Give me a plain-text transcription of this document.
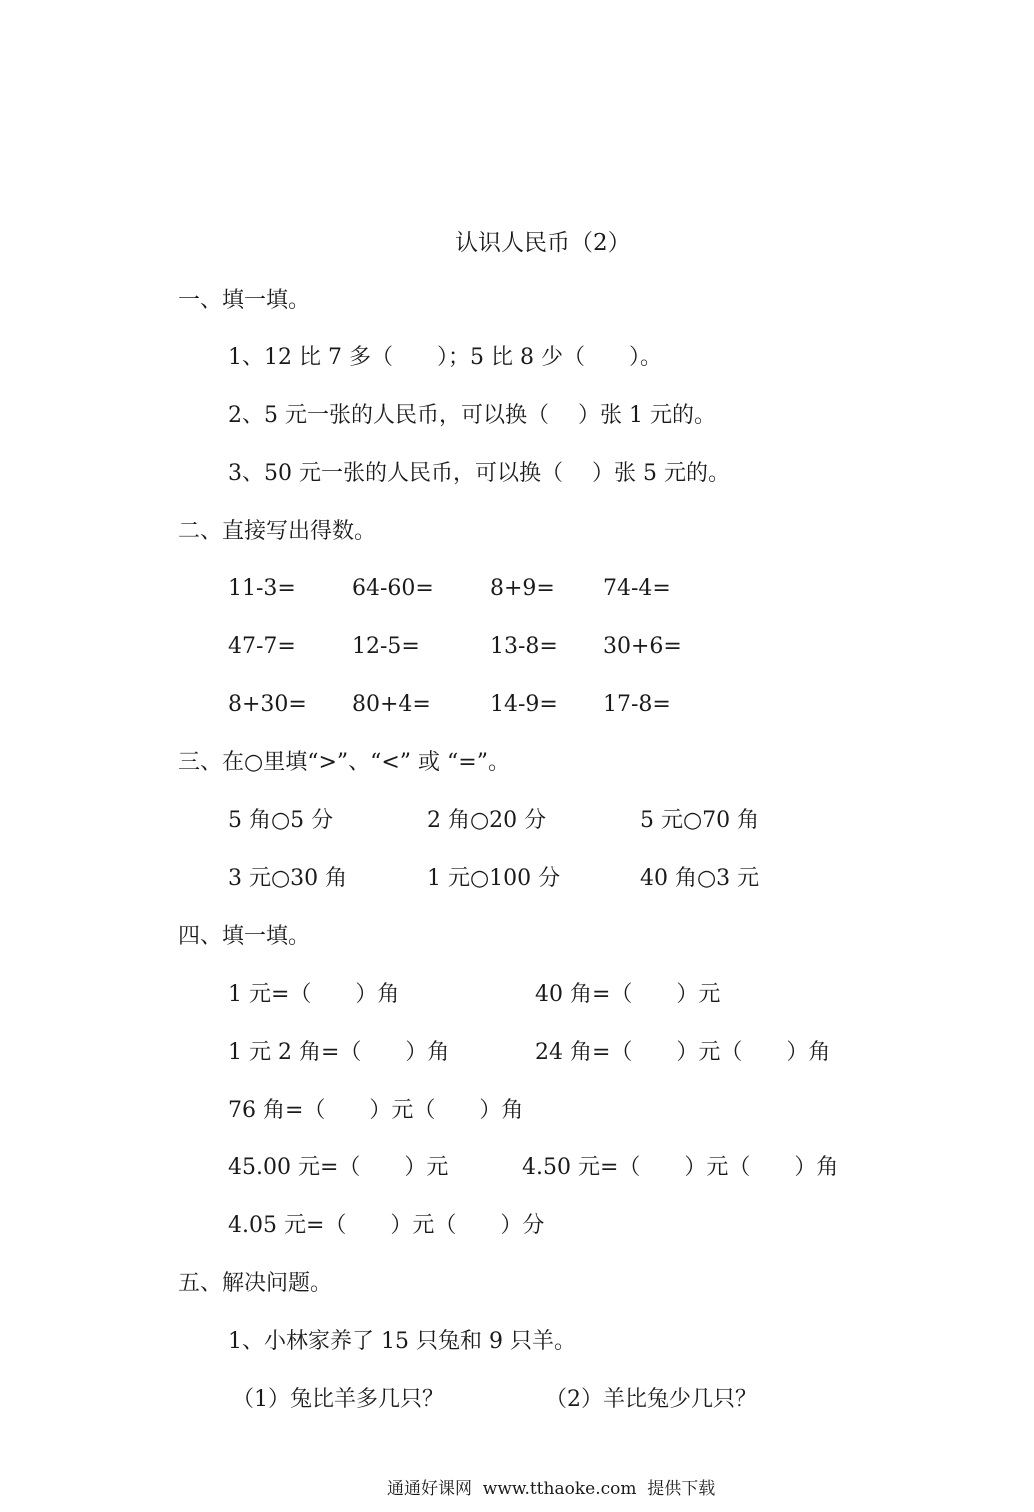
认识人民币（2）
一、填一填。
1、12 比 7 多（　　）；5 比 8 少（　　）。
2、5 元一张的人民币，可以换（　 ）张 1 元的。
3、50 元一张的人民币，可以换（　 ）张 5 元的。
二、直接写出得数。
11-3=	64-60=	8+9= 74-4=
47-7=	12-5=	13-8= 30+6=
8+30= 80+4=	14-9= 17-8=
三、在○里填“>”、“<” 或 “=”。
5 角○5 分	2 角○20 分	5 元○70 角
3 元○30 角	1 元○100 分	40 角○3 元
四、填一填。
1 元=（　　）角	40 角=（　　）元
1 元 2 角=（　　）角	24 角=（　　）元（　　）角
76 角=（　　）元（　　）角
45.00 元=（　　）元	4.50 元=（　　）元（　　）角
4.05 元=（　　）元（　　）分
五、解决问题。
1、小林家养了 15 只兔和 9 只羊。
（1）兔比羊多几只？	（2）羊比兔少几只？
通通好课网  www.tthaoke.com  提供下载
